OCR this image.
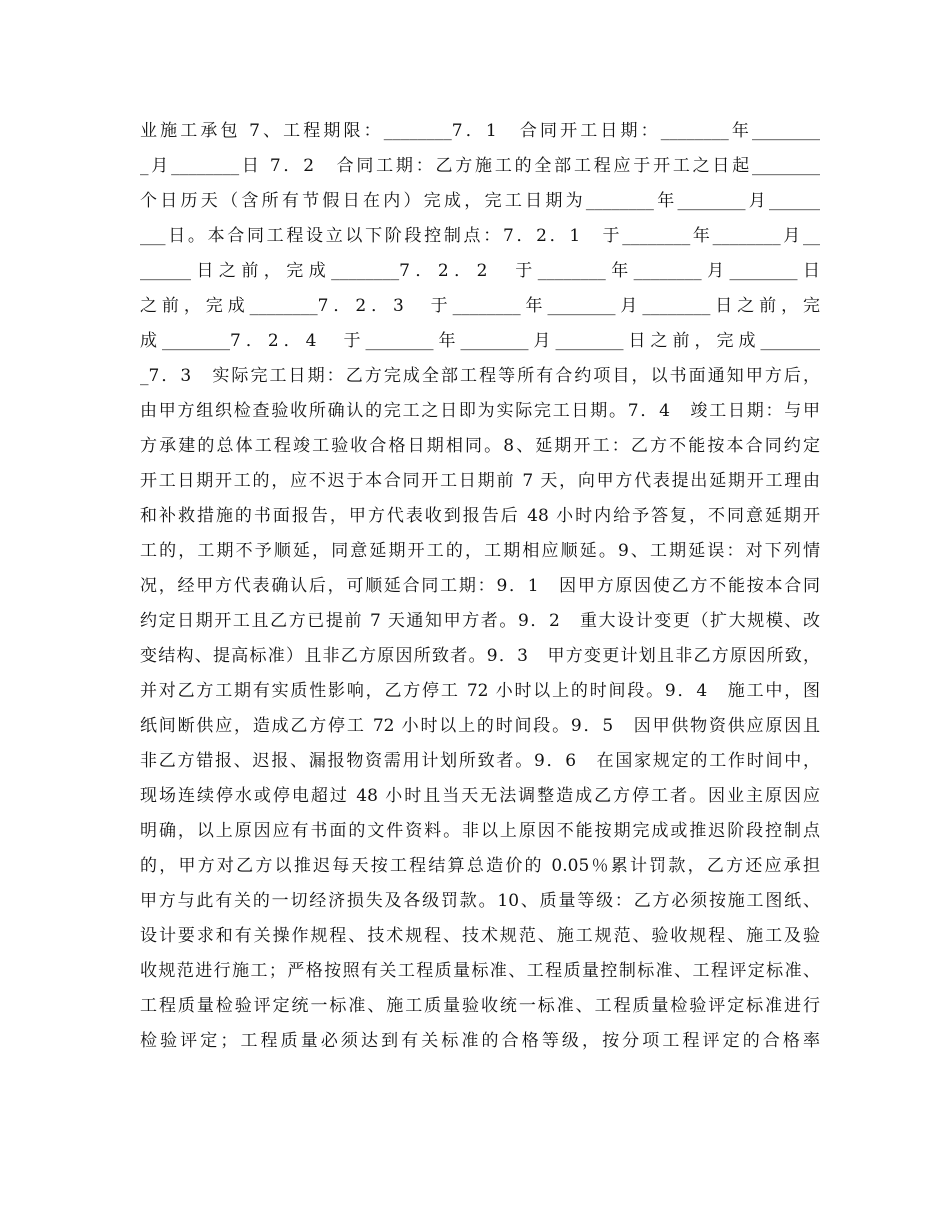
业施工承包 7、工程期限：________7．1　合同开工日期：________年________
_月________日 7．2　合同工期：乙方施工的全部工程应于开工之日起________
个日历天（含所有节假日在内）完成，完工日期为________年________月______
___日。本合同工程设立以下阶段控制点：7．2．1　于________年________月__
______日之前，完成________7．2．2　于________年________月________日
之前，完成________7．2．3　于________年________月________日之前，完
成________7．2．4　于________年________月________日之前，完成_______
_7．3　实际完工日期：乙方完成全部工程等所有合约项目，以书面通知甲方后，
由甲方组织检查验收所确认的完工之日即为实际完工日期。7．4　竣工日期：与甲
方承建的总体工程竣工验收合格日期相同。8、延期开工：乙方不能按本合同约定
开工日期开工的，应不迟于本合同开工日期前 7 天，向甲方代表提出延期开工理由
和补救措施的书面报告，甲方代表收到报告后 48 小时内给予答复，不同意延期开
工的，工期不予顺延，同意延期开工的，工期相应顺延。9、工期延误：对下列情
况，经甲方代表确认后，可顺延合同工期：9．1　因甲方原因使乙方不能按本合同
约定日期开工且乙方已提前 7 天通知甲方者。9．2　重大设计变更（扩大规模、改
变结构、提高标准）且非乙方原因所致者。9．3　甲方变更计划且非乙方原因所致，
并对乙方工期有实质性影响，乙方停工 72 小时以上的时间段。9．4　施工中，图
纸间断供应，造成乙方停工 72 小时以上的时间段。9．5　因甲供物资供应原因且
非乙方错报、迟报、漏报物资需用计划所致者。9．6　在国家规定的工作时间中，
现场连续停水或停电超过 48 小时且当天无法调整造成乙方停工者。因业主原因应
明确，以上原因应有书面的文件资料。非以上原因不能按期完成或推迟阶段控制点
的，甲方对乙方以推迟每天按工程结算总造价的 0.05％累计罚款，乙方还应承担
甲方与此有关的一切经济损失及各级罚款。10、质量等级：乙方必须按施工图纸、
设计要求和有关操作规程、技术规程、技术规范、施工规范、验收规程、施工及验
收规范进行施工；严格按照有关工程质量标准、工程质量控制标准、工程评定标准、
工程质量检验评定统一标准、施工质量验收统一标准、工程质量检验评定标准进行
检验评定；工程质量必须达到有关标准的合格等级，按分项工程评定的合格率
